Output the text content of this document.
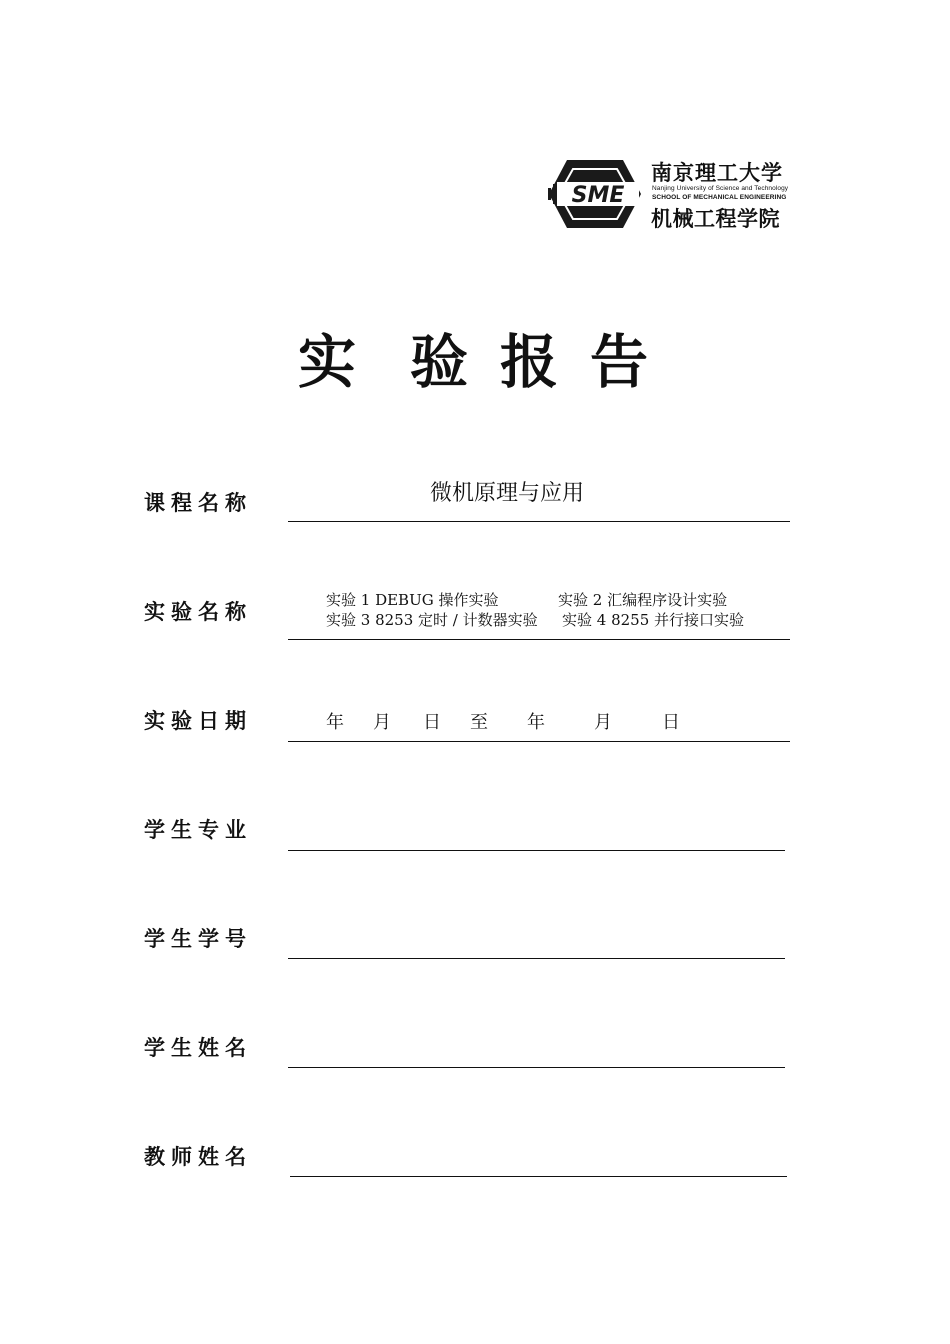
SME
南京理工大学
Nanjing University of Science and Technology
SCHOOL OF MECHANICAL ENGINEERING
机械工程学院
实 验 报 告
课程名称	微机原理与应用
实验名称	实验 1 DEBUG 操作实验	实验 2 汇编程序设计实验
实验 3 8253 定时 / 计数器实验 实验 4 8255 并行接口实验
实验日期	年 月 日 至 年	月	日
学生专业
学生学号
学生姓名
教师姓名
